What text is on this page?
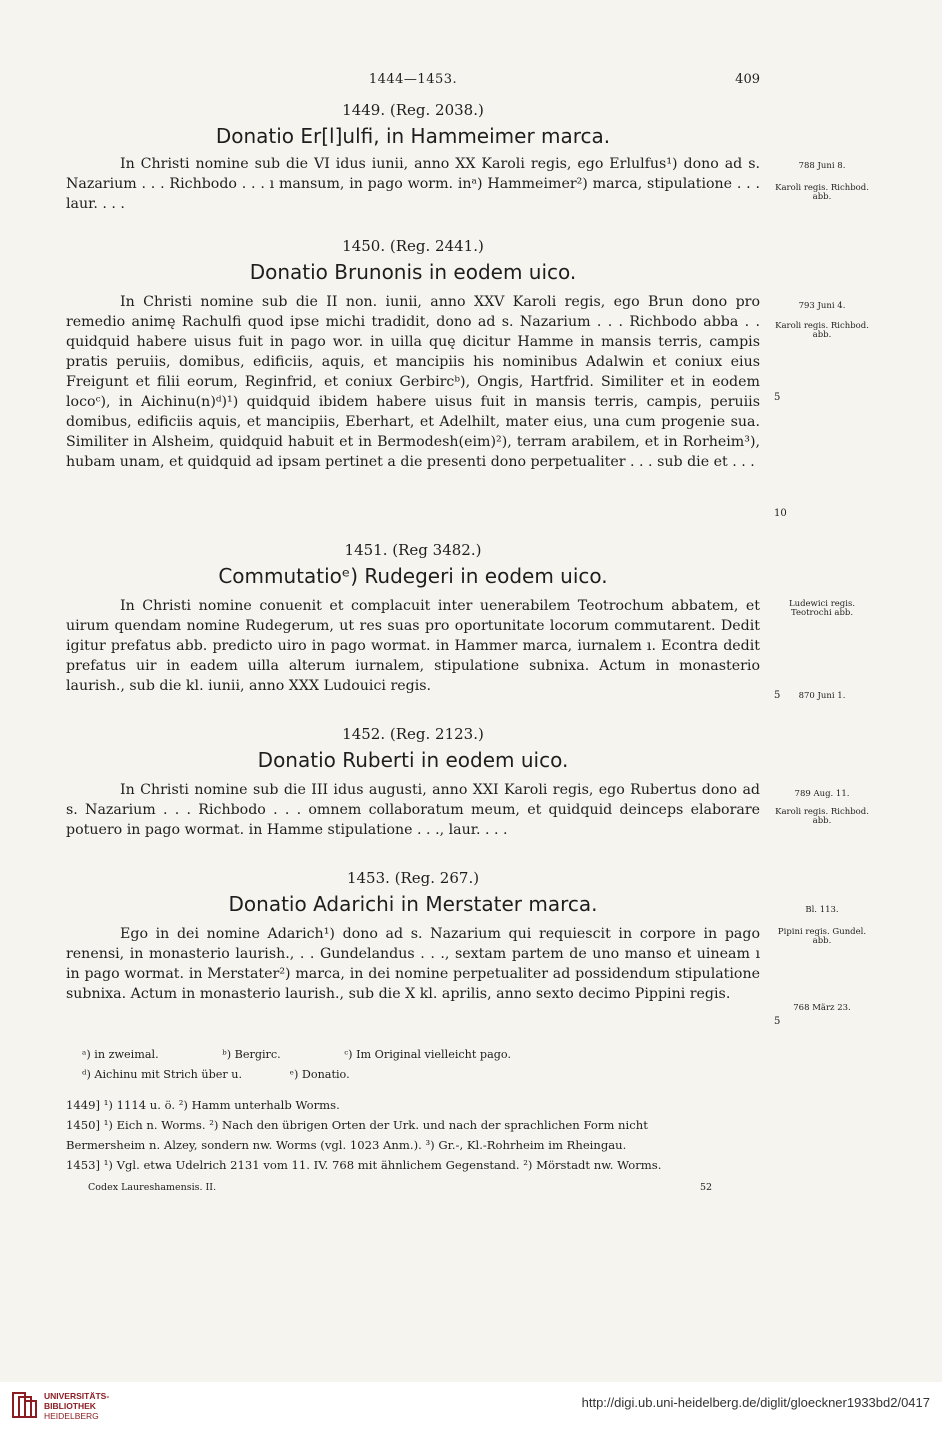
1444—1453.	409
1449. (Reg. 2038.)
Donatio Er[l]ulfi, in Hammeimer marca.

In Christi nomine sub die VI idus iunii, anno XX Karoli regis, ego Erlulfus¹) dono ad s. Nazarium . . . Richbodo . . . ı mansum, in pago worm. inᵃ) Hammeimer²) marca, stipulatione . . . laur. . . .

788 Juni 8.
Karoli regis. Richbod. abb.
1450. (Reg. 2441.)
Donatio Brunonis in eodem uico.

In Christi nomine sub die II non. iunii, anno XXV Karoli regis, ego Brun dono pro remedio animę Rachulfi quod ipse michi tradidit, dono ad s. Nazarium . . . Richbodo abba . . quidquid habere uisus fuit in pago wor. in uilla quę dicitur Hamme in mansis terris, campis pratis peruiis, domibus, edificiis, aquis, et mancipiis his nominibus Adalwin et coniux eius Freigunt et filii eorum, Reginfrid, et coniux Gerbircᵇ), Ongis, Hartfrid. Similiter et in eodem locoᶜ), in Aichinu(n)ᵈ)¹) quidquid ibidem habere uisus fuit in mansis terris, campis, peruiis domibus, edificiis aquis, et mancipiis, Eberhart, et Adelhilt, mater eius, una cum progenie sua. Similiter in Alsheim, quidquid habuit et in Bermodesh(eim)²), terram arabilem, et in Rorheim³), hubam unam, et quidquid ad ipsam pertinet a die presenti dono perpetualiter . . . sub die et . . .

793 Juni 4.
Karoli regis. Richbod. abb.
5
10
1451. (Reg 3482.)
Commutatioᵉ) Rudegeri in eodem uico.

In Christi nomine conuenit et complacuit inter uenerabilem Teotrochum abbatem, et uirum quendam nomine Rudegerum, ut res suas pro oportunitate locorum commutarent. Dedit igitur prefatus abb. predicto uiro in pago wormat. in Hammer marca, iurnalem ı. Econtra dedit prefatus uir in eadem uilla alterum iurnalem, stipulatione subnixa. Actum in monasterio laurish., sub die kl. iunii, anno XXX Ludouici regis.

Ludewici regis. Teotrochi abb.
5	870 Juni 1.
1452. (Reg. 2123.)
Donatio Ruberti in eodem uico.

In Christi nomine sub die III idus augusti, anno XXI Karoli regis, ego Rubertus dono ad s. Nazarium . . . Richbodo . . . omnem collaboratum meum, et quidquid deinceps elaborare potuero in pago wormat. in Hamme stipulatione . . ., laur. . . .

789 Aug. 11.
Karoli regis. Richbod. abb.
1453. (Reg. 267.)
Donatio Adarichi in Merstater marca.

Ego in dei nomine Adarich¹) dono ad s. Nazarium qui requiescit in corpore in pago renensi, in monasterio laurish., . . Gundelandus . . ., sextam partem de uno manso et uineam ı in pago wormat. in Merstater²) marca, in dei nomine perpetualiter ad possidendum stipulatione subnixa. Actum in monasterio laurish., sub die X kl. aprilis, anno sexto decimo Pippini regis.

Bl. 113.
Pipini regis. Gundel. abb.
768 März 23.
5
ᵃ) in zweimal.	ᵇ) Bergirc.	ᶜ) Im Original vielleicht pago.
ᵈ) Aichinu mit Strich über u.	ᵉ) Donatio.
1449] ¹) 1114 u. ö. ²) Hamm unterhalb Worms.
1450] ¹) Eich n. Worms. ²) Nach den übrigen Orten der Urk. und nach der sprachlichen Form nicht
Bermersheim n. Alzey, sondern nw. Worms (vgl. 1023 Anm.). ³) Gr.-, Kl.-Rohrheim im Rheingau.
1453] ¹) Vgl. etwa Udelrich 2131 vom 11. IV. 768 mit ähnlichem Gegenstand. ²) Mörstadt nw. Worms.
Codex Laureshamensis. II.	52
UNIVERSITÄTS-
BIBLIOTHEK
HEIDELBERG
http://digi.ub.uni-heidelberg.de/diglit/gloeckner1933bd2/0417
